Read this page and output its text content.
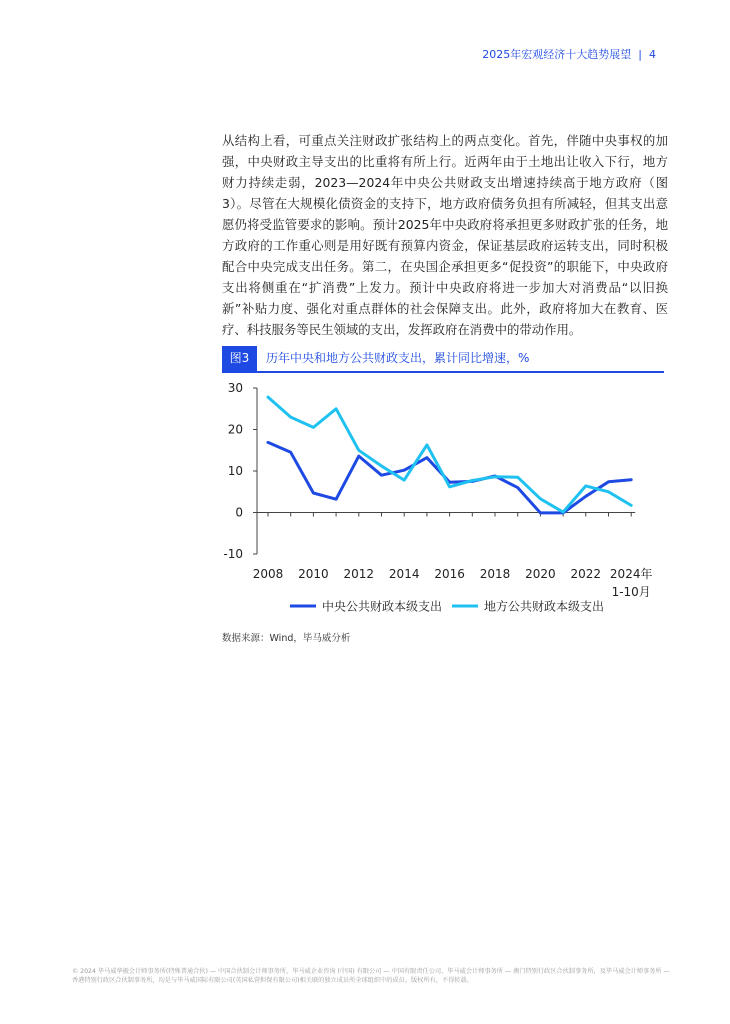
2025年宏观经济十大趋势展望 | 4
从结构上看，可重点关注财政扩张结构上的两点变化。首先，伴随中央事权的加强，中央财政主导支出的比重将有所上行。近两年由于土地出让收入下行，地方财力持续走弱，2023—2024年中央公共财政支出增速持续高于地方政府（图3）。尽管在大规模化债资金的支持下，地方政府债务负担有所减轻，但其支出意愿仍将受监管要求的影响。预计2025年中央政府将承担更多财政扩张的任务，地方政府的工作重心则是用好既有预算内资金，保证基层政府运转支出，同时积极配合中央完成支出任务。第二，在央国企承担更多“促投资”的职能下，中央政府支出将侧重在“扩消费”上发力。预计中央政府将进一步加大对消费品“以旧换新”补贴力度、强化对重点群体的社会保障支出。此外，政府将加大在教育、医疗、科技服务等民生领域的支出，发挥政府在消费中的带动作用。
图3	历年中央和地方公共财政支出，累计同比增速，%
30
20
10
0
-10
2008 2010 2012 2014 2016 2018 2020 2022 2024年
1-10月
中央公共财政本级支出	地方公共财政本级支出
数据来源：Wind，毕马威分析
© 2024 毕马威华振会计师事务所(特殊普通合伙) — 中国合伙制会计师事务所，毕马威企业咨询 (中国) 有限公司 — 中国有限责任公司，毕马威会计师事务所 — 澳门特别行政区合伙制事务所，及毕马威会计师事务所 — 香港特别行政区合伙制事务所，均是与毕马威国际有限公司(英国私营担保有限公司)相关联的独立成员所全球组织中的成员。版权所有，不得转载。
